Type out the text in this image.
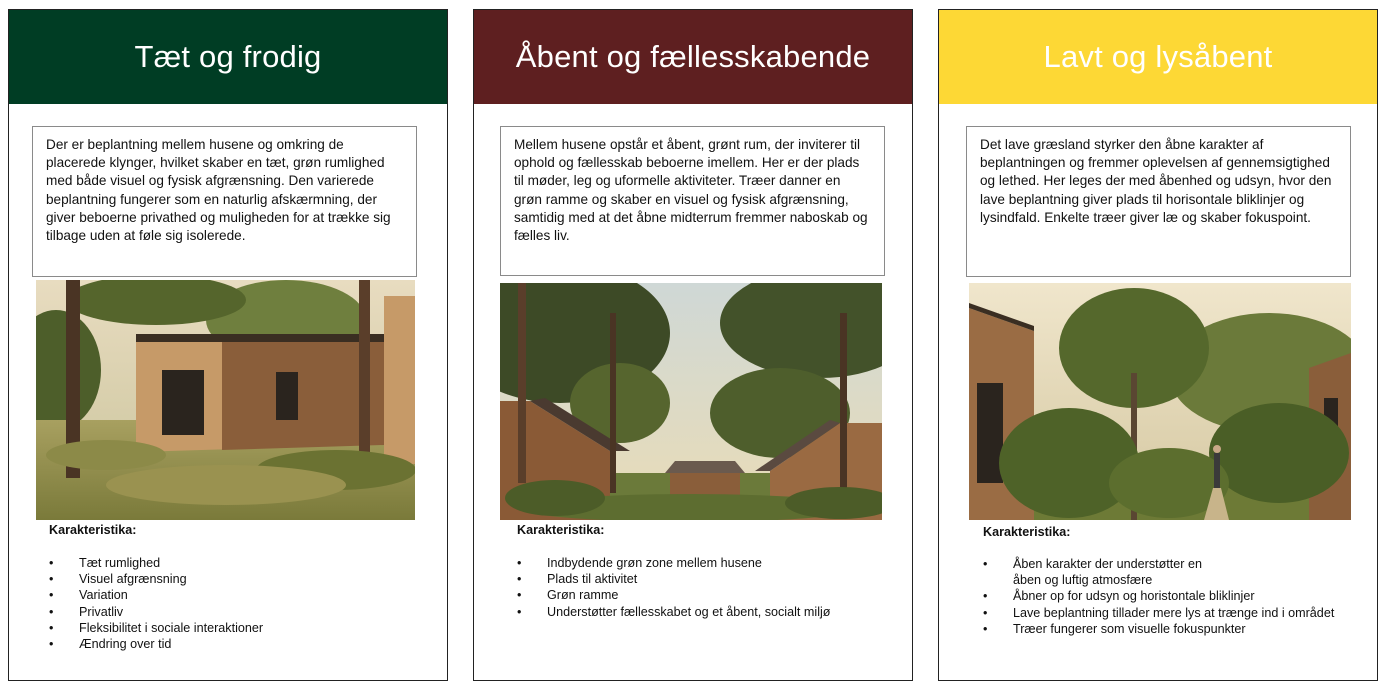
Tæt og frodig
Der er beplantning mellem husene og omkring de placerede klynger, hvilket skaber en tæt, grøn rumlighed med både visuel og fysisk afgrænsning. Den varierede beplantning fungerer som en naturlig afskærmning, der giver beboerne privathed og muligheden for at trække sig tilbage uden at føle sig isolerede.
Karakteristika:
• Tæt rumlighed
• Visuel afgrænsning
• Variation
• Privatliv
• Fleksibilitet i sociale interaktioner
• Ændring over tid
Åbent og fællesskabende
Mellem husene opstår et åbent, grønt rum, der inviterer til ophold og fællesskab beboerne imellem. Her er der plads til møder, leg og uformelle aktiviteter. Træer danner en grøn ramme og skaber en visuel og fysisk afgrænsning, samtidig med at det åbne midterrum fremmer naboskab og fælles liv.
Karakteristika:
• Indbydende grøn zone mellem husene
• Plads til aktivitet
• Grøn ramme
• Understøtter fællesskabet og et åbent, socialt miljø
Lavt og lysåbent
Det lave græsland styrker den åbne karakter af beplantningen og fremmer oplevelsen af gennemsigtighed og lethed. Her leges der med åbenhed og udsyn, hvor den lave beplantning giver plads til horisontale bliklinjer og lysindfald. Enkelte træer giver læ og skaber fokuspoint.
Karakteristika:
• Åben karakter der understøtter en åben og luftig atmosfære
• Åbner op for udsyn og horistontale bliklinjer
• Lave beplantning tillader mere lys at trænge ind i området
• Træer fungerer som visuelle fokuspunkter
